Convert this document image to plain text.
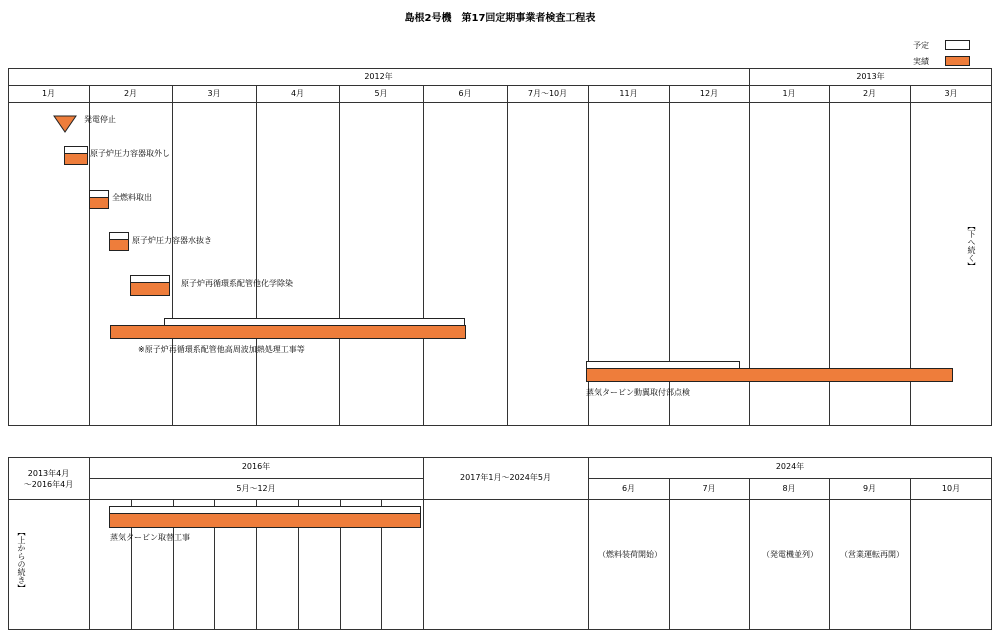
島根2号機　第17回定期事業者検査工程表
予定
実績
2012年	2013年
1月	2月	3月	4月	5月	6月	7月～10月	11月	12月	1月	2月	3月
発電停止
原子炉圧力容器取外し
全燃料取出
原子炉圧力容器水抜き
原子炉再循環系配管他化学除染
※原子炉再循環系配管他高周波加熱処理工事等
蒸気タービン動翼取付部点検
【下へ続く】
2013年4月
～2016年4月
2016年
5月～12月
2017年1月～2024年5月
2024年
6月	7月	8月	9月	10月
蒸気タービン取替工事
（燃料装荷開始）	（発電機並列）	（営業運転再開）
【上からの続き】
